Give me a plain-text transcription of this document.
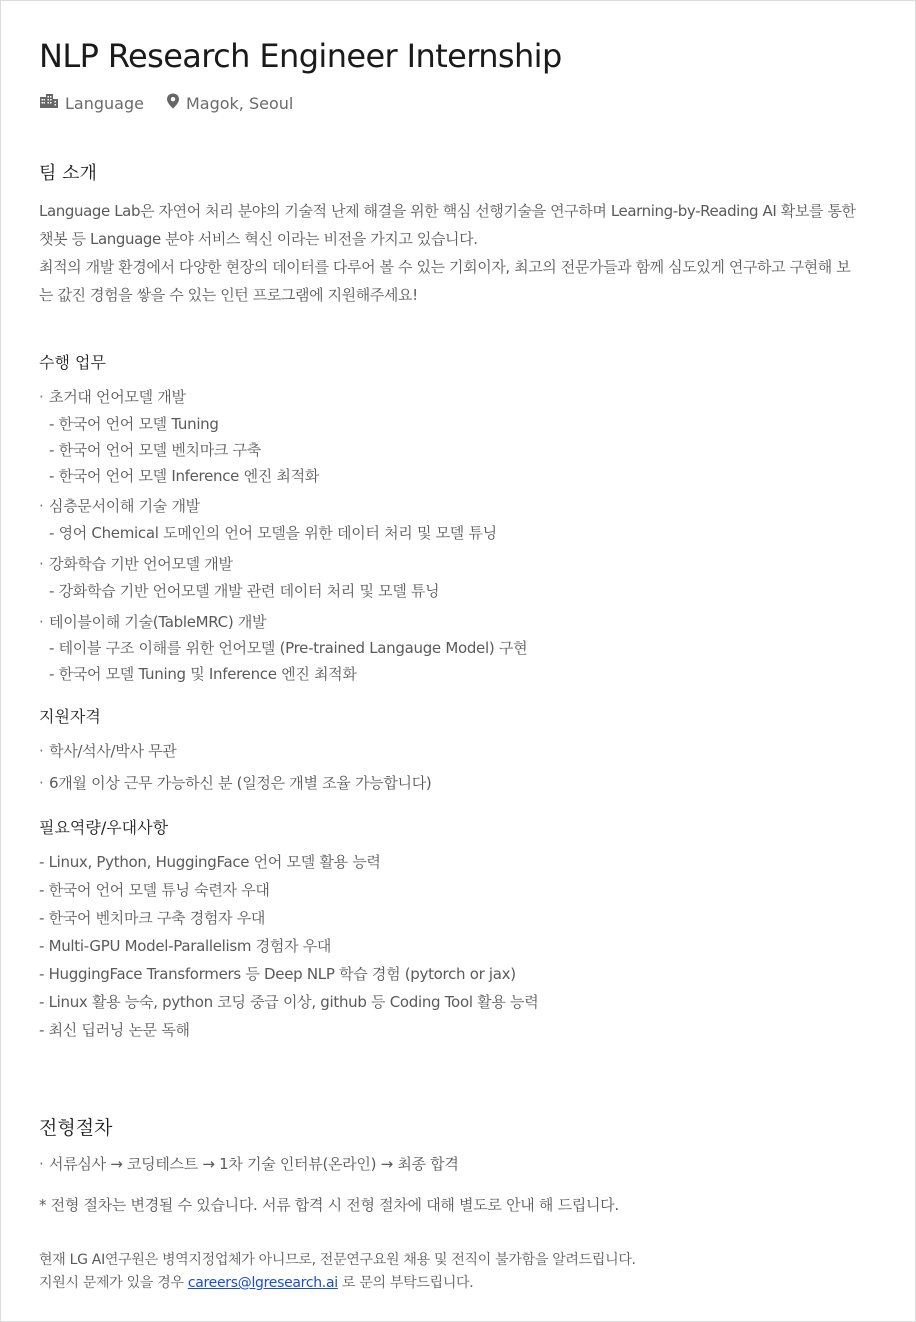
NLP Research Engineer Internship
Language	Magok, Seoul
팀 소개
Language Lab은 자연어 처리 분야의 기술적 난제 해결을 위한 핵심 선행기술을 연구하며 Learning-by-Reading AI 확보를 통한
챗봇 등 Language 분야 서비스 혁신 이라는 비전을 가지고 있습니다.
최적의 개발 환경에서 다양한 현장의 데이터를 다루어 볼 수 있는 기회이자, 최고의 전문가들과 함께 심도있게 연구하고 구현해 보
는 값진 경험을 쌓을 수 있는 인턴 프로그램에 지원해주세요!
수행 업무
· 초거대 언어모델 개발
- 한국어 언어 모델 Tuning
- 한국어 언어 모델 벤치마크 구축
- 한국어 언어 모델 Inference 엔진 최적화
· 심층문서이해 기술 개발
- 영어 Chemical 도메인의 언어 모델을 위한 데이터 처리 및 모델 튜닝
· 강화학습 기반 언어모델 개발
- 강화학습 기반 언어모델 개발 관련 데이터 처리 및 모델 튜닝
· 테이블이해 기술(TableMRC) 개발
- 테이블 구조 이해를 위한 언어모델 (Pre-trained Langauge Model) 구현
- 한국어 모델 Tuning 및 Inference 엔진 최적화
지원자격
· 학사/석사/박사 무관
· 6개월 이상 근무 가능하신 분 (일정은 개별 조율 가능합니다)
필요역량/우대사항
- Linux, Python, HuggingFace 언어 모델 활용 능력
- 한국어 언어 모델 튜닝 숙련자 우대
- 한국어 벤치마크 구축 경험자 우대
- Multi-GPU Model-Parallelism 경험자 우대
- HuggingFace Transformers 등 Deep NLP 학습 경험 (pytorch or jax)
- Linux 활용 능숙, python 코딩 중급 이상, github 등 Coding Tool 활용 능력
- 최신 딥러닝 논문 독해
전형절차
· 서류심사 → 코딩테스트 → 1차 기술 인터뷰(온라인) → 최종 합격
* 전형 절차는 변경될 수 있습니다. 서류 합격 시 전형 절차에 대해 별도로 안내 해 드립니다.
현재 LG AI연구원은 병역지정업체가 아니므로, 전문연구요원 채용 및 전직이 불가함을 알려드립니다.
지원시 문제가 있을 경우 careers@lgresearch.ai 로 문의 부탁드립니다.
